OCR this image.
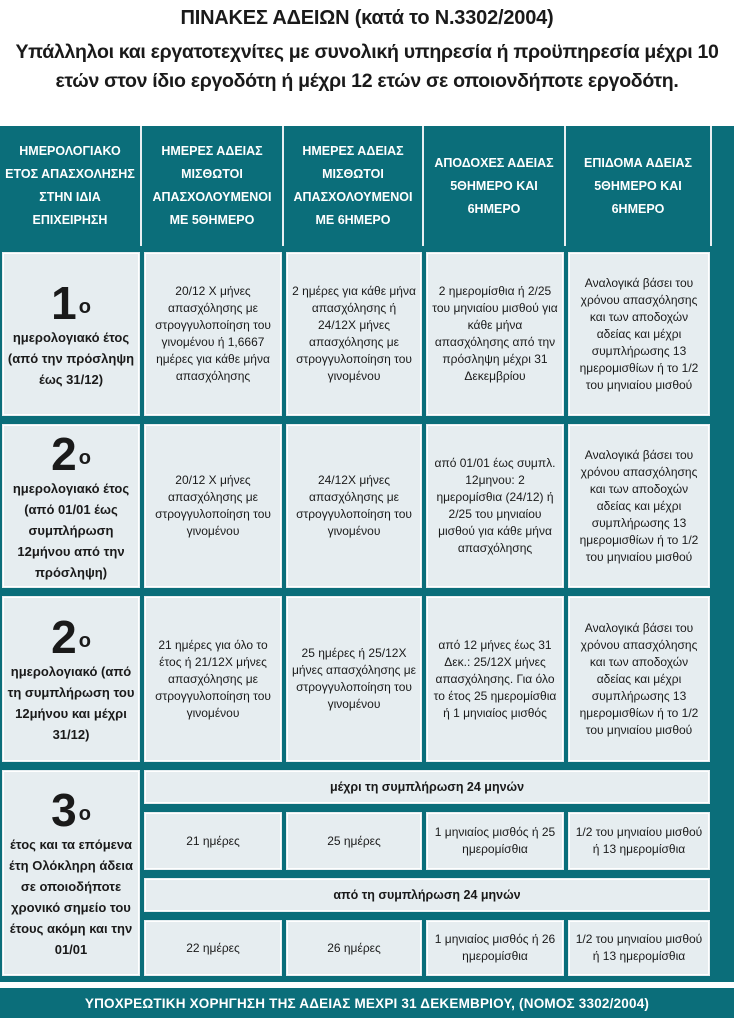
ΠΙΝΑΚΕΣ ΑΔΕΙΩΝ (κατά το Ν.3302/2004)
Υπάλληλοι και εργατοτεχνίτες με συνολική υπηρεσία ή προϋπηρεσία μέχρι 10 ετών στον ίδιο εργοδότη ή μέχρι 12 ετών σε οποιονδήποτε εργοδότη.
ΗΜΕΡΟΛΟΓΙΑΚΟ ΕΤΟΣ ΑΠΑΣΧΟΛΗΣΗΣ ΣΤΗΝ ΙΔΙΑ ΕΠΙΧΕΙΡΗΣΗ
ΗΜΕΡΕΣ ΑΔΕΙΑΣ ΜΙΣΘΩΤΟΙ ΑΠΑΣΧΟΛΟΥΜΕΝΟΙ ΜΕ 5ΘΗΜΕΡΟ
ΗΜΕΡΕΣ ΑΔΕΙΑΣ ΜΙΣΘΩΤΟΙ ΑΠΑΣΧΟΛΟΥΜΕΝΟΙ ΜΕ 6ΗΜΕΡΟ
ΑΠΟΔΟΧΕΣ ΑΔΕΙΑΣ 5ΘΗΜΕΡΟ ΚΑΙ 6ΗΜΕΡΟ
ΕΠΙΔΟΜΑ ΑΔΕΙΑΣ 5ΘΗΜΕΡΟ ΚΑΙ 6ΗΜΕΡΟ
1 $^o$
ημερολογιακό έτος (από την πρόσληψη έως 31/12)
20/12 Χ μήνες απασχόλησης με στρογγυλοποίηση του γινομένου ή 1,6667 ημέρες για κάθε μήνα απασχόλησης
2 ημέρες για κάθε μήνα απασχόλησης ή 24/12Χ μήνες απασχόλησης με στρογγυλοποίηση του γινομένου
2 ημερομίσθια ή 2/25 του μηνιαίου μισθού για κάθε μήνα απασχόλησης από την πρόσληψη μέχρι 31 Δεκεμβρίου
Αναλογικά βάσει του χρόνου απασχόλησης και των αποδοχών αδείας και μέχρι συμπλήρωσης 13 ημερομισθίων ή το 1/2 του μηνιαίου μισθού
2 $^o$
ημερολογιακό έτος (από 01/01 έως συμπλήρωση 12μήνου από την πρόσληψη)
20/12 Χ μήνες απασχόλησης με στρογγυλοποίηση του γινομένου
24/12Χ μήνες απασχόλησης με στρογγυλοποίηση του γινομένου
από 01/01 έως συμπλ. 12μηνου: 2 ημερομίσθια (24/12) ή 2/25 του μηνιαίου μισθού για κάθε μήνα απασχόλησης
Αναλογικά βάσει του χρόνου απασχόλησης και των αποδοχών αδείας και μέχρι συμπλήρωσης 13 ημερομισθίων ή το 1/2 του μηνιαίου μισθού
2 $^o$
ημερολογιακό (από τη συμπλήρωση του 12μήνου και μέχρι 31/12)
21 ημέρες για όλο το έτος ή 21/12Χ μήνες απασχόλησης με στρογγυλοποίηση του γινομένου
25 ημέρες ή 25/12Χ μήνες απασχόλησης με στρογγυλοποίηση του γινομένου
από 12 μήνες έως 31 Δεκ.: 25/12Χ μήνες απασχόλησης. Για όλο το έτος 25 ημερομίσθια ή 1 μηνιαίος μισθός
Αναλογικά βάσει του χρόνου απασχόλησης και των αποδοχών αδείας και μέχρι συμπλήρωσης 13 ημερομισθίων ή το 1/2 του μηνιαίου μισθού
3 $^o$
έτος και τα επόμενα έτη Ολόκληρη άδεια σε οποιοδήποτε χρονικό σημείο του έτους ακόμη και την 01/01
μέχρι τη συμπλήρωση 24 μηνών
21 ημέρες	25 ημέρες
1 μηνιαίος μισθός ή 25 ημερομίσθια
1/2 του μηνιαίου μισθού ή 13 ημερομίσθια
από τη συμπλήρωση 24 μηνών
22 ημέρες	26 ημέρες
1 μηνιαίος μισθός ή 26 ημερομίσθια
1/2 του μηνιαίου μισθού ή 13 ημερομίσθια
ΥΠΟΧΡΕΩΤΙΚΗ ΧΟΡΗΓΗΣΗ ΤΗΣ ΑΔΕΙΑΣ ΜΕΧΡΙ 31 ΔΕΚΕΜΒΡΙΟΥ, (ΝΟΜΟΣ 3302/2004)
